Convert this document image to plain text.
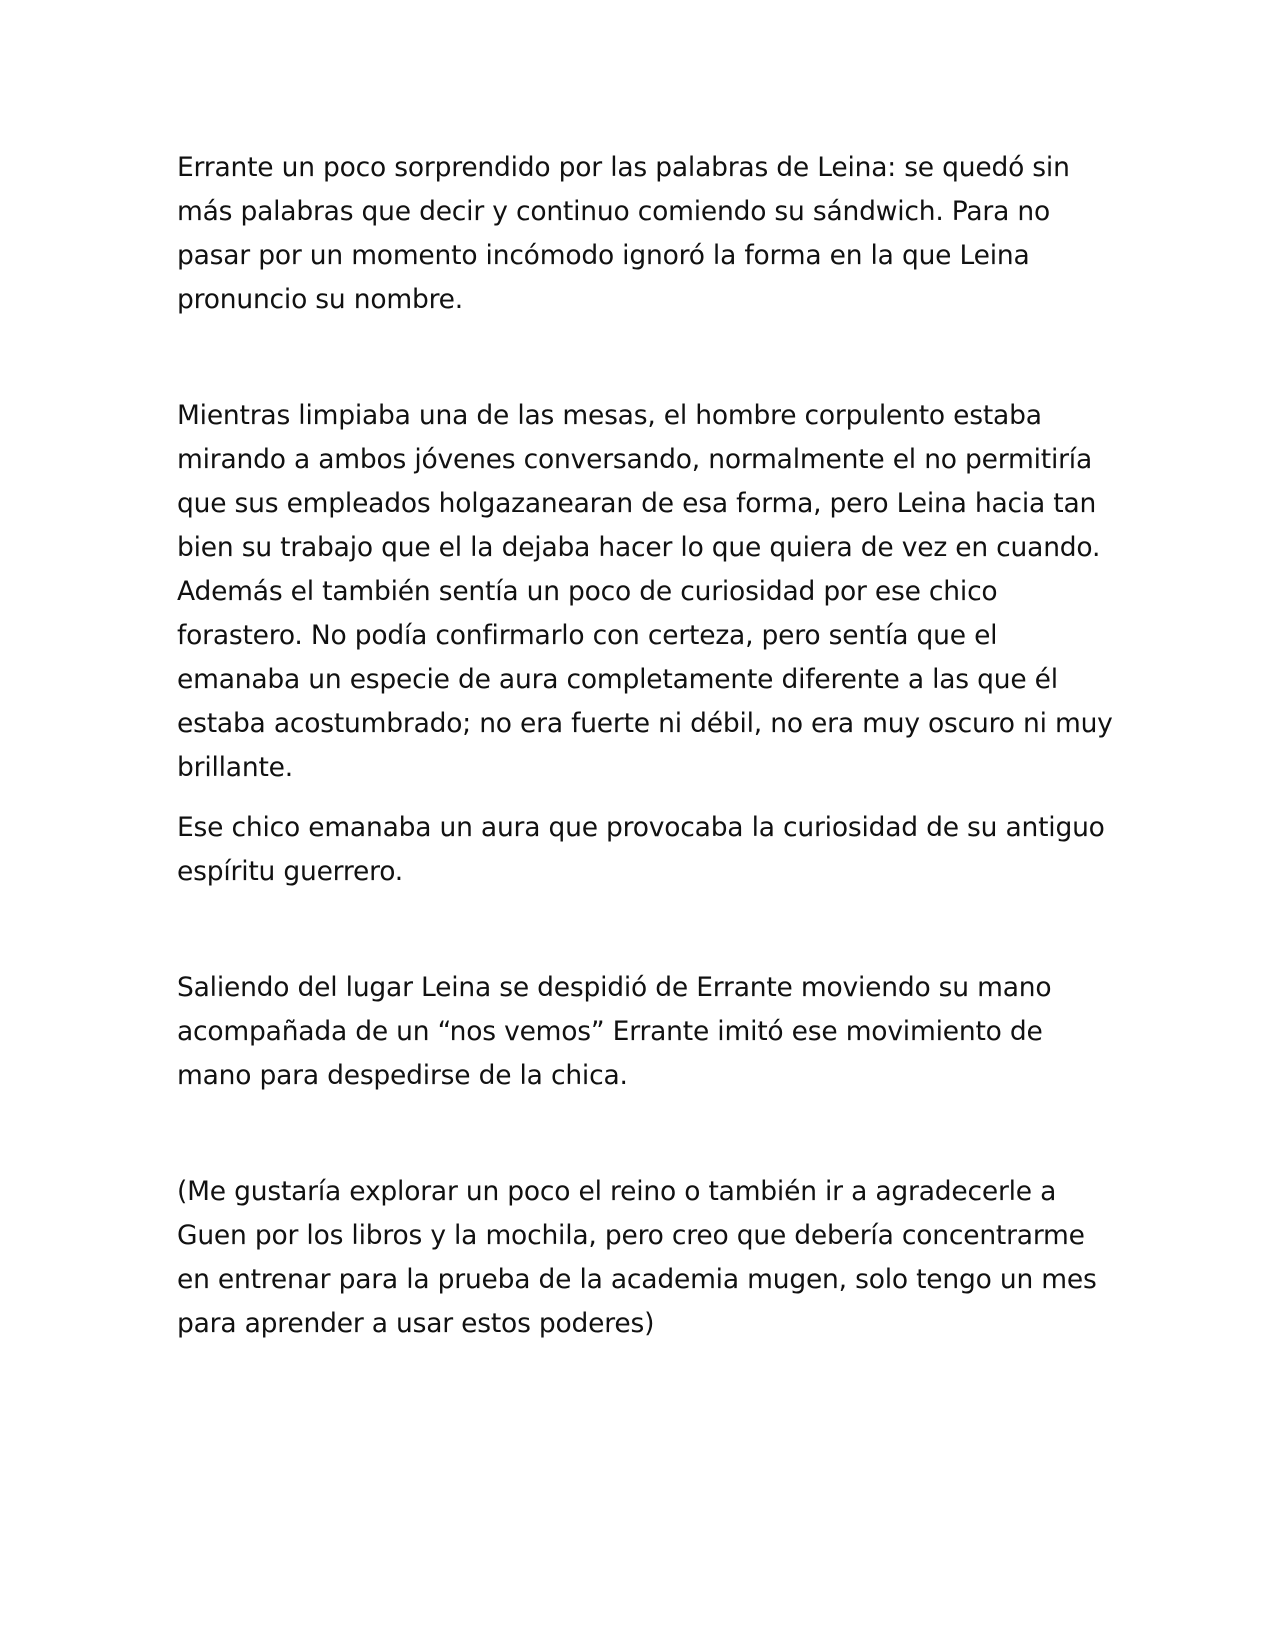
Errante un poco sorprendido por las palabras de Leina: se quedó sin más palabras que decir y continuo comiendo su sándwich. Para no pasar por un momento incómodo ignoró la forma en la que Leina pronuncio su nombre.

Mientras limpiaba una de las mesas, el hombre corpulento estaba mirando a ambos jóvenes conversando, normalmente el no permitiría que sus empleados holgazanearan de esa forma, pero Leina hacia tan bien su trabajo que el la dejaba hacer lo que quiera de vez en cuando. Además el también sentía un poco de curiosidad por ese chico forastero. No podía confirmarlo con certeza, pero sentía que el emanaba un especie de aura completamente diferente a las que él estaba acostumbrado; no era fuerte ni débil, no era muy oscuro ni muy brillante.

Ese chico emanaba un aura que provocaba la curiosidad de su antiguo espíritu guerrero.

Saliendo del lugar Leina se despidió de Errante moviendo su mano acompañada de un “nos vemos” Errante imitó ese movimiento de mano para despedirse de la chica.

(Me gustaría explorar un poco el reino o también ir a agradecerle a Guen por los libros y la mochila, pero creo que debería concentrarme en entrenar para la prueba de la academia mugen, solo tengo un mes para aprender a usar estos poderes)
